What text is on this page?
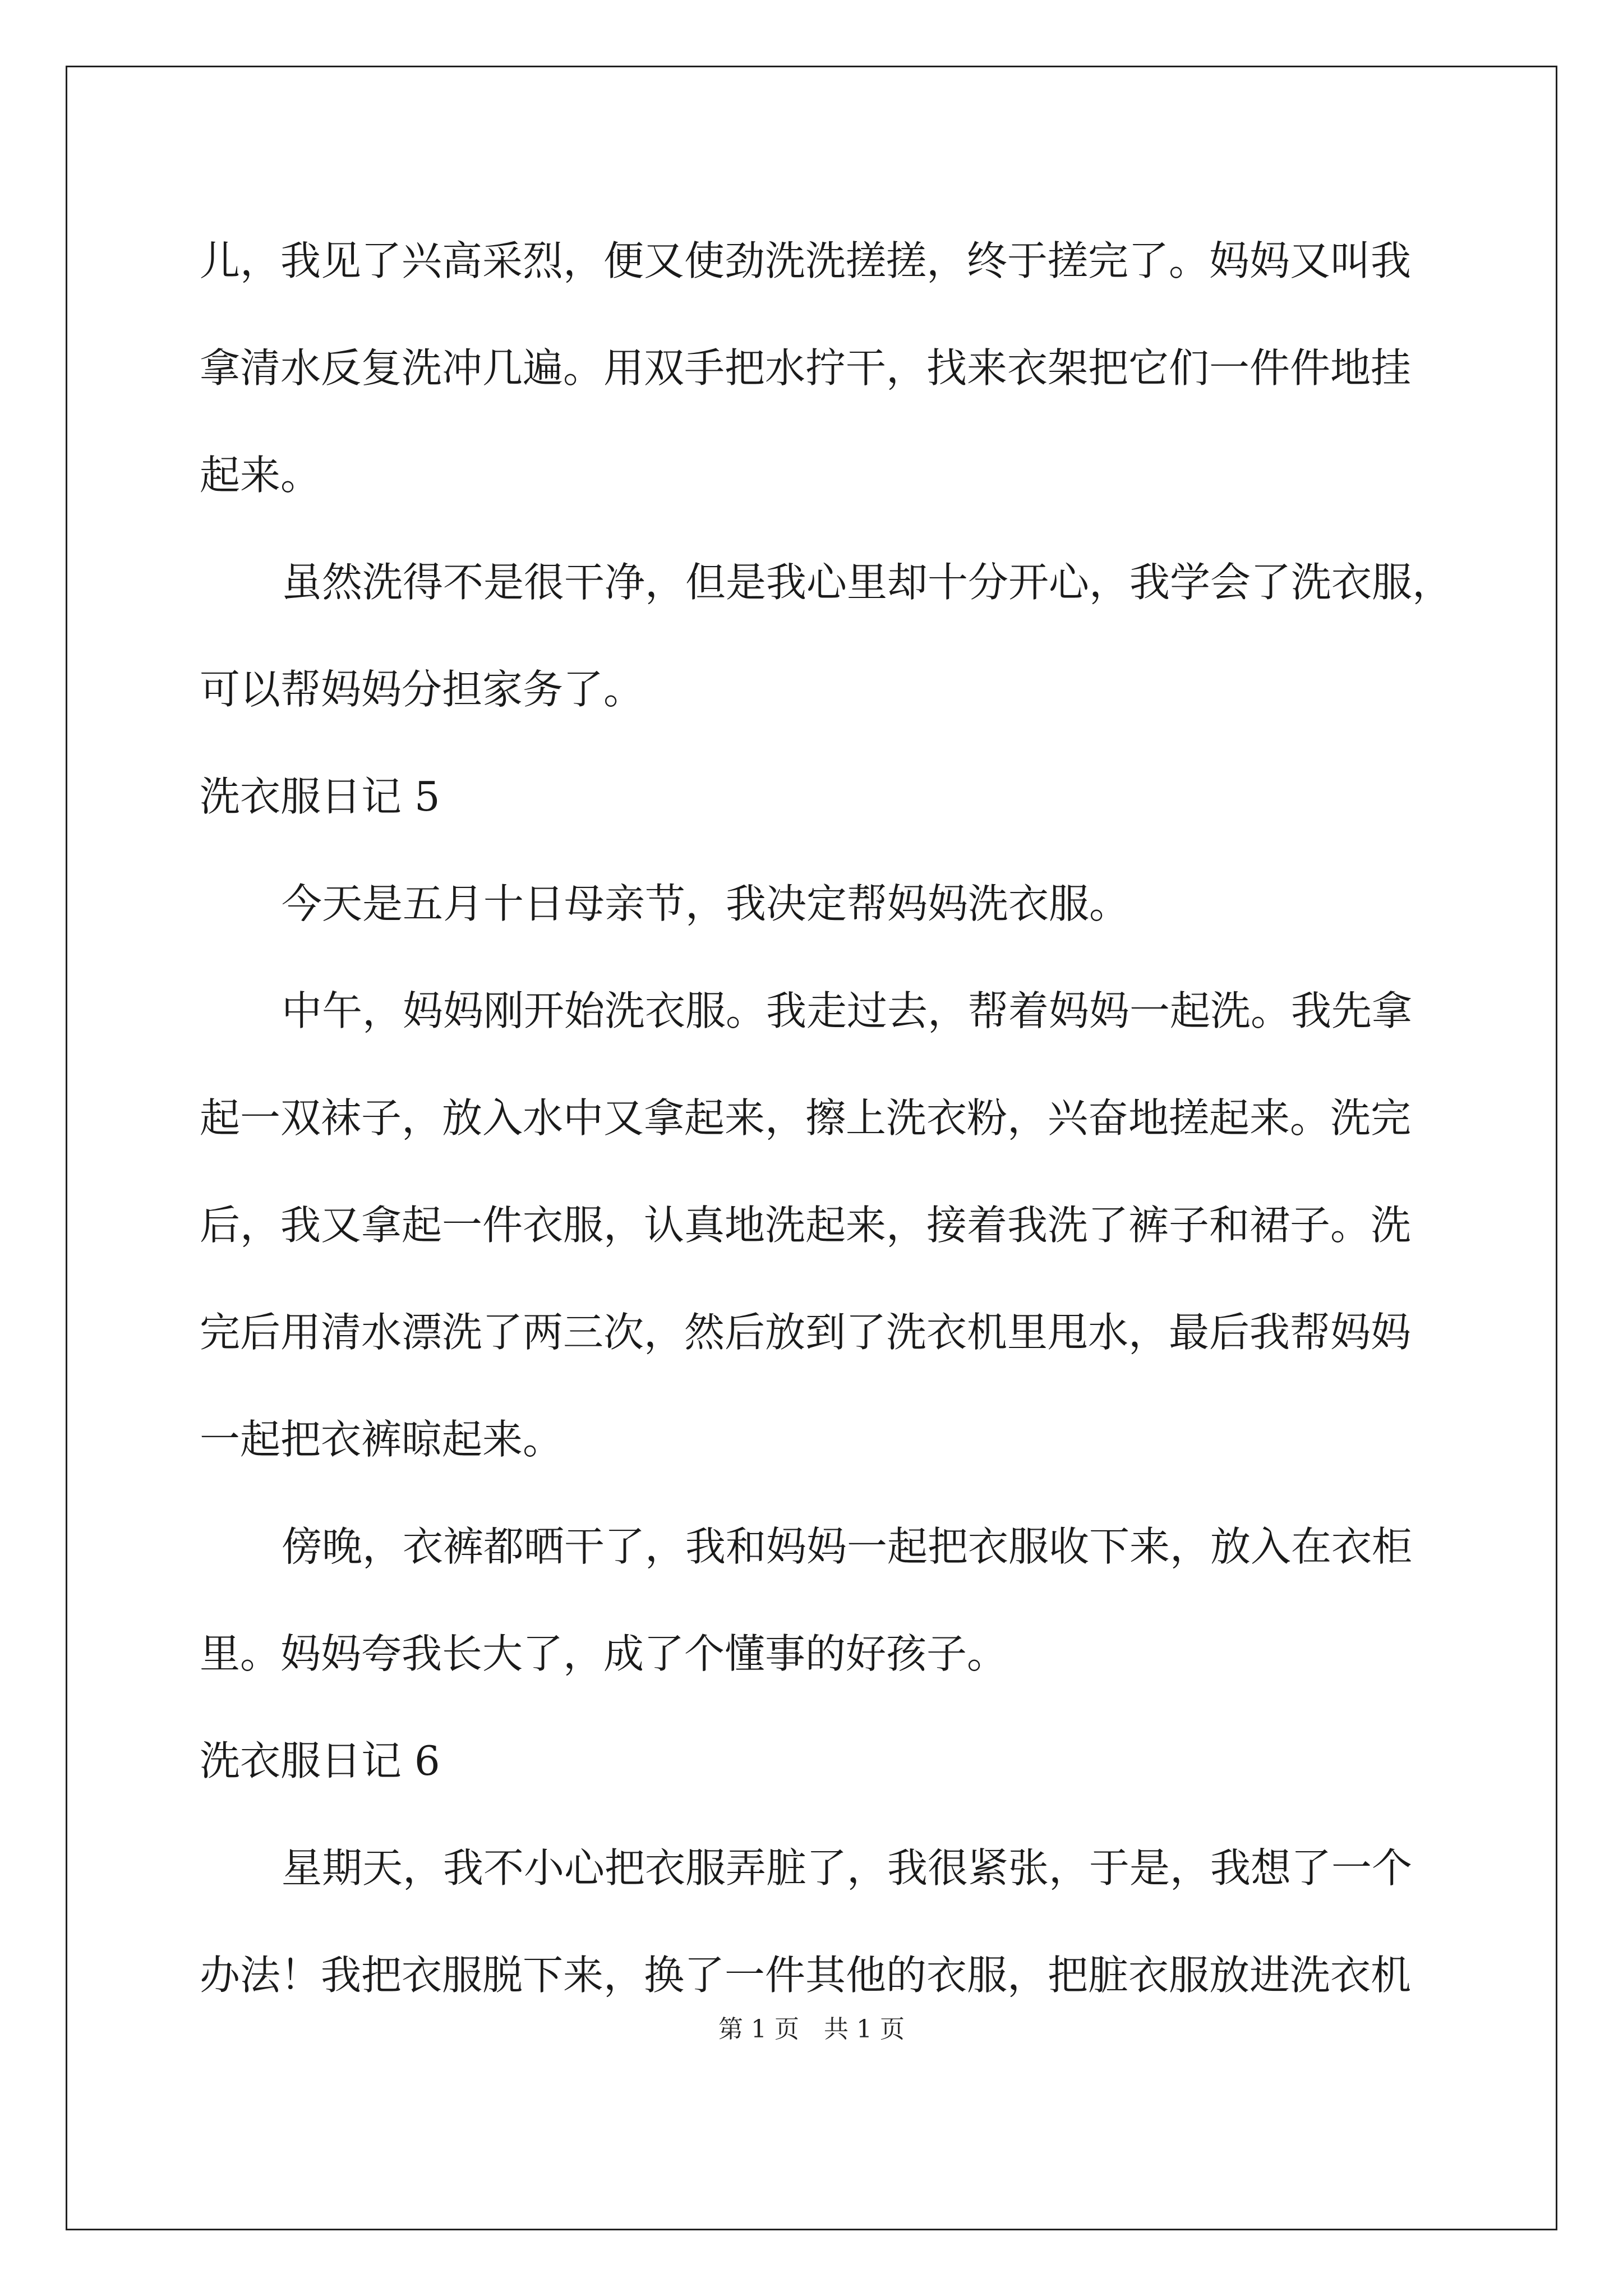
儿，我见了兴高采烈，便又使劲洗洗搓搓，终于搓完了。妈妈又叫我
拿清水反复洗冲几遍。用双手把水拧干，找来衣架把它们一件件地挂
起来。
虽然洗得不是很干净，但是我心里却十分开心，我学会了洗衣服，
可以帮妈妈分担家务了。
洗衣服日记 5
今天是五月十日母亲节，我决定帮妈妈洗衣服。
中午，妈妈刚开始洗衣服。我走过去，帮着妈妈一起洗。我先拿
起一双袜子，放入水中又拿起来，擦上洗衣粉，兴奋地搓起来。洗完
后，我又拿起一件衣服，认真地洗起来，接着我洗了裤子和裙子。洗
完后用清水漂洗了两三次，然后放到了洗衣机里甩水，最后我帮妈妈
一起把衣裤晾起来。
傍晚，衣裤都晒干了，我和妈妈一起把衣服收下来，放入在衣柜
里。妈妈夸我长大了，成了个懂事的好孩子。
洗衣服日记 6
星期天，我不小心把衣服弄脏了，我很紧张，于是，我想了一个
办法！我把衣服脱下来，换了一件其他的衣服，把脏衣服放进洗衣机
第 1 页　共 1 页
